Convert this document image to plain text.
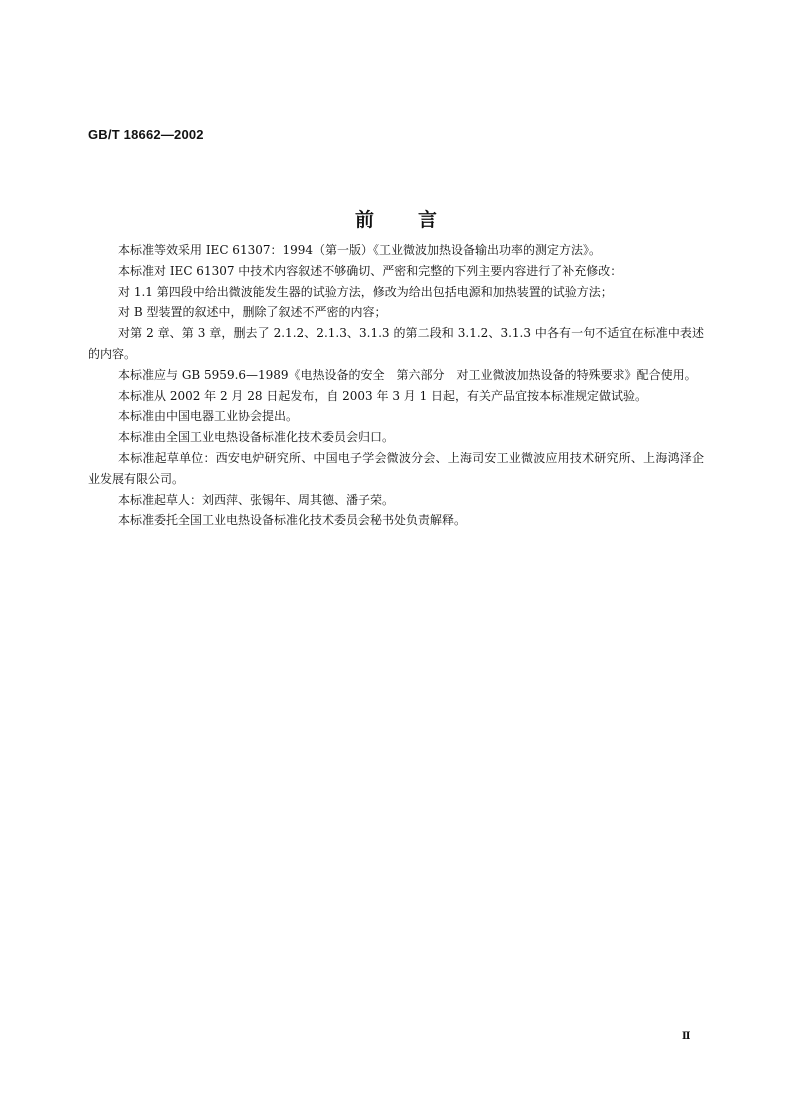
GB/T 18662—2002
前言

本标准等效采用 IEC 61307：1994（第一版）《工业微波加热设备输出功率的测定方法》。

本标准对 IEC 61307 中技术内容叙述不够确切、严密和完整的下列主要内容进行了补充修改：

对 1.1 第四段中给出微波能发生器的试验方法，修改为给出包括电源和加热装置的试验方法；

对 B 型装置的叙述中，删除了叙述不严密的内容；

对第 2 章、第 3 章，删去了 2.1.2、2.1.3、3.1.3 的第二段和 3.1.2、3.1.3 中各有一句不适宜在标准中表述的内容。

本标准应与 GB 5959.6—1989《电热设备的安全　第六部分　对工业微波加热设备的特殊要求》配合使用。

本标准从 2002 年 2 月 28 日起发布，自 2003 年 3 月 1 日起，有关产品宜按本标准规定做试验。

本标准由中国电器工业协会提出。

本标准由全国工业电热设备标准化技术委员会归口。

本标准起草单位：西安电炉研究所、中国电子学会微波分会、上海司安工业微波应用技术研究所、上海鸿泽企业发展有限公司。

本标准起草人：刘西萍、张锡年、周其德、潘子荣。

本标准委托全国工业电热设备标准化技术委员会秘书处负责解释。

Ⅱ
